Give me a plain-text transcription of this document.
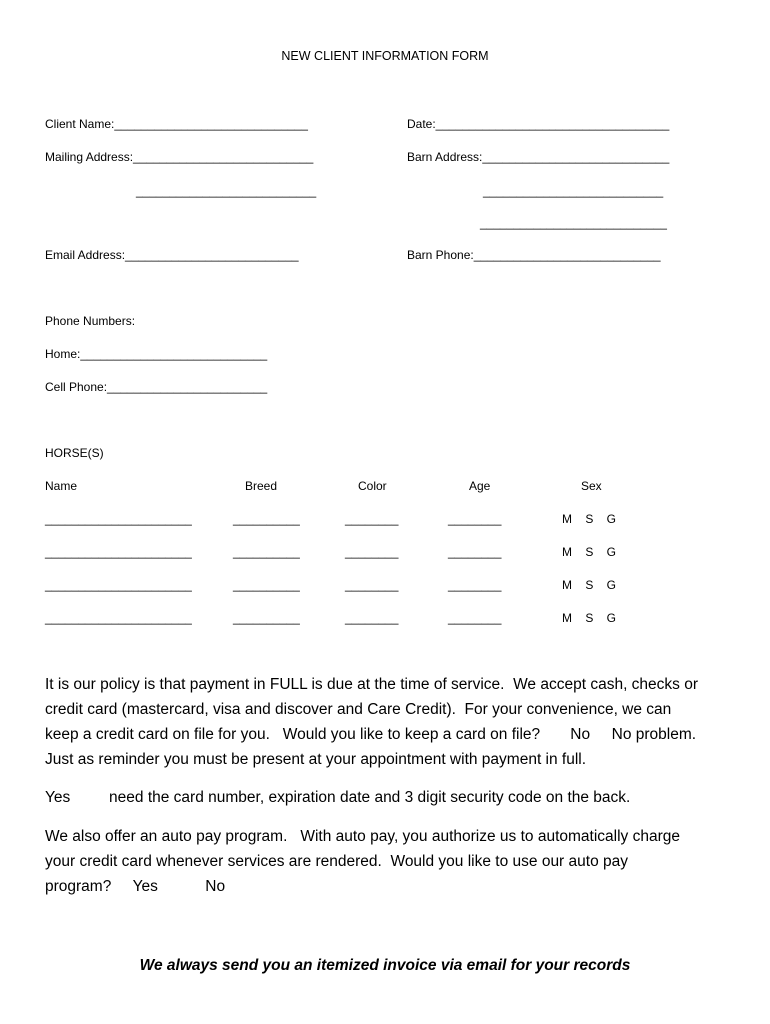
NEW CLIENT INFORMATION FORM
Client Name:_____________________________	Date:___________________________________
Mailing Address:___________________________	Barn Address:____________________________
___________________________	___________________________
____________________________
Email Address:__________________________	Barn Phone:____________________________
Phone Numbers:
Home:____________________________
Cell Phone:________________________
HORSE(S)
Name	Breed	Color	Age	Sex
______________________	__________	________	________	M    S    G
______________________	__________	________	________	M    S    G
______________________	__________	________	________	M    S    G
______________________	__________	________	________	M    S    G
It is our policy is that payment in FULL is due at the time of service.  We accept cash, checks or
credit card (mastercard, visa and discover and Care Credit).  For your convenience, we can
keep a credit card on file for you.   Would you like to keep a card on file?       No     No problem.
Just as reminder you must be present at your appointment with payment in full.
Yes         need the card number, expiration date and 3 digit security code on the back.
We also offer an auto pay program.   With auto pay, you authorize us to automatically charge
your credit card whenever services are rendered.  Would you like to use our auto pay
program?     Yes           No
We always send you an itemized invoice via email for your records
